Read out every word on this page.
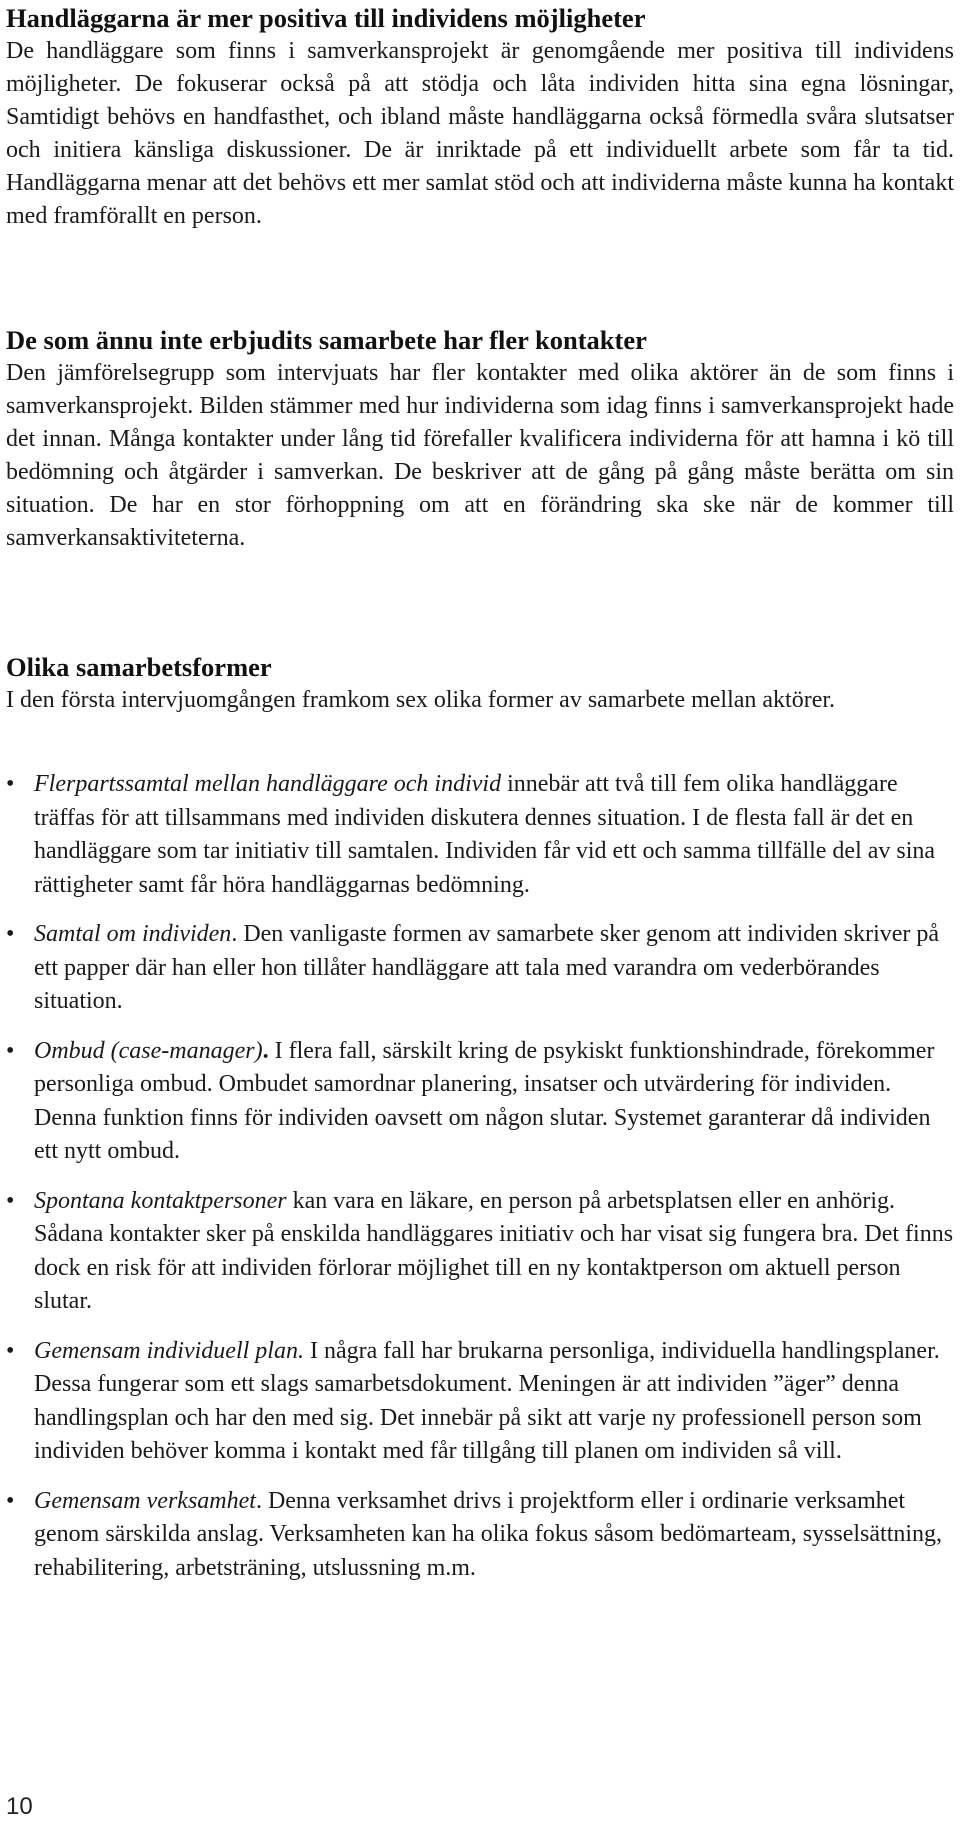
Handläggarna är mer positiva till individens möjligheter

De handläggare som finns i samverkansprojekt är genomgående mer positiva till individens möjligheter. De fokuserar också på att stödja och låta individen hitta sina egna lösningar, Samtidigt behövs en handfasthet, och ibland måste handläggarna också förmedla svåra slutsatser och initiera känsliga diskussioner. De är inriktade på ett individuellt arbete som får ta tid. Handläggarna menar att det behövs ett mer samlat stöd och att individerna måste kunna ha kontakt med framförallt en person.

De som ännu inte erbjudits samarbete har fler kontakter

Den jämförelsegrupp som intervjuats har fler kontakter med olika aktörer än de som finns i samverkansprojekt. Bilden stämmer med hur individerna som idag finns i samverkansprojekt hade det innan. Många kontakter under lång tid förefaller kvalificera individerna för att hamna i kö till bedömning och åtgärder i samverkan. De beskriver att de gång på gång måste berätta om sin situation. De har en stor förhoppning om att en förändring ska ske när de kommer till samverkansaktiviteterna.

Olika samarbetsformer

I den första intervjuomgången framkom sex olika former av samarbete mellan aktörer.

• Flerpartssamtal mellan handläggare och individ innebär att två till fem olika handläggare träffas för att tillsammans med individen diskutera dennes situation. I de flesta fall är det en handläggare som tar initiativ till samtalen. Individen får vid ett och samma tillfälle del av sina rättigheter samt får höra handläggarnas bedömning.
• Samtal om individen. Den vanligaste formen av samarbete sker genom att individen skriver på ett papper där han eller hon tillåter handläggare att tala med varandra om vederbörandes situation.
• Ombud (case-manager). I flera fall, särskilt kring de psykiskt funktionshindrade, förekommer personliga ombud. Ombudet samordnar planering, insatser och utvärdering för individen. Denna funktion finns för individen oavsett om någon slutar. Systemet garanterar då individen ett nytt ombud.
• Spontana kontaktpersoner kan vara en läkare, en person på arbetsplatsen eller en anhörig. Sådana kontakter sker på enskilda handläggares initiativ och har visat sig fungera bra. Det finns dock en risk för att individen förlorar möjlighet till en ny kontaktperson om aktuell person slutar.
• Gemensam individuell plan. I några fall har brukarna personliga, individuella handlingsplaner. Dessa fungerar som ett slags samarbetsdokument. Meningen är att individen ”äger” denna handlingsplan och har den med sig. Det innebär på sikt att varje ny professionell person som individen behöver komma i kontakt med får tillgång till planen om individen så vill.
• Gemensam verksamhet. Denna verksamhet drivs i projektform eller i ordinarie verksamhet genom särskilda anslag. Verksamheten kan ha olika fokus såsom bedömarteam, sysselsättning, rehabilitering, arbetsträning, utslussning m.m.
10
